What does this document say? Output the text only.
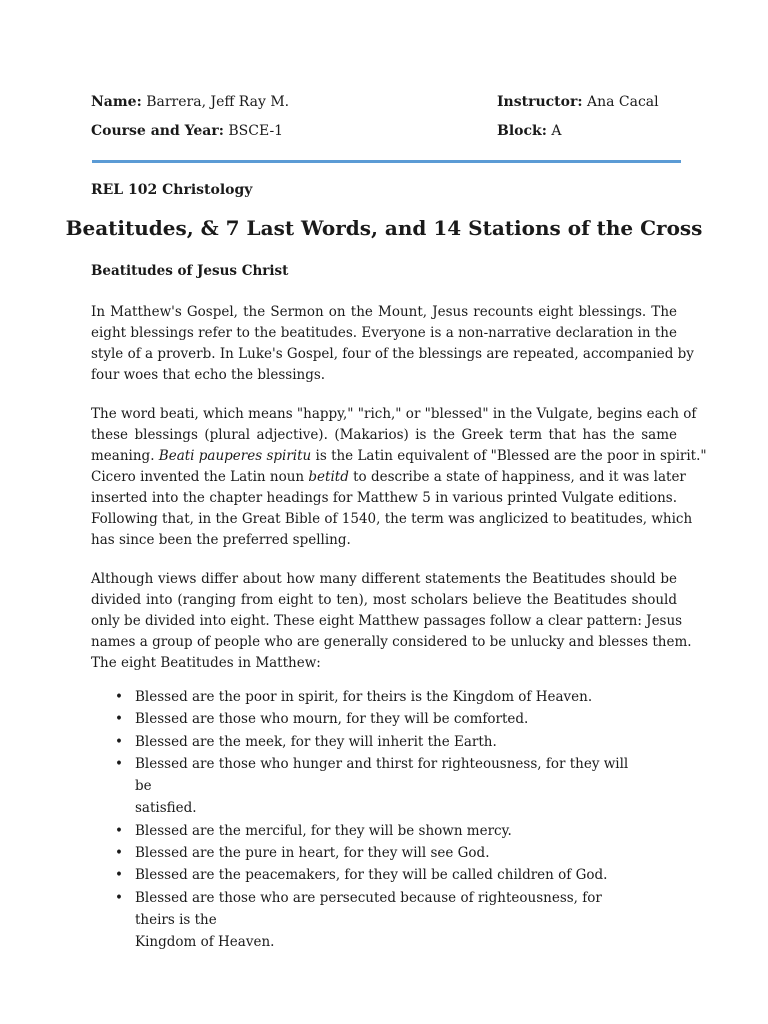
Name: Barrera, Jeff Ray M.
Course and Year: BSCE-1
Instructor: Ana Cacal
Block: A
REL 102 Christology
Beatitudes, & 7 Last Words, and 14 Stations of the Cross
Beatitudes of Jesus Christ

In Matthew's Gospel, the Sermon on the Mount, Jesus recounts eight blessings. The
eight blessings refer to the beatitudes. Everyone is a non-narrative declaration in the
style of a proverb. In Luke's Gospel, four of the blessings are repeated, accompanied by
four woes that echo the blessings.

The word beati, which means "happy," "rich," or "blessed" in the Vulgate, begins each of
these blessings (plural adjective). (Makarios) is the Greek term that has the same
meaning. Beati pauperes spiritu is the Latin equivalent of "Blessed are the poor in spirit."
Cicero invented the Latin noun betitd to describe a state of happiness, and it was later
inserted into the chapter headings for Matthew 5 in various printed Vulgate editions.
Following that, in the Great Bible of 1540, the term was anglicized to beatitudes, which
has since been the preferred spelling.

Although views differ about how many different statements the Beatitudes should be
divided into (ranging from eight to ten), most scholars believe the Beatitudes should
only be divided into eight. These eight Matthew passages follow a clear pattern: Jesus
names a group of people who are generally considered to be unlucky and blesses them.
The eight Beatitudes in Matthew:

• Blessed are the poor in spirit, for theirs is the Kingdom of Heaven.
• Blessed are those who mourn, for they will be comforted.
• Blessed are the meek, for they will inherit the Earth.
• Blessed are those who hunger and thirst for righteousness, for they will be
satisfied.
• Blessed are the merciful, for they will be shown mercy.
• Blessed are the pure in heart, for they will see God.
• Blessed are the peacemakers, for they will be called children of God.
• Blessed are those who are persecuted because of righteousness, for theirs is the
Kingdom of Heaven.
